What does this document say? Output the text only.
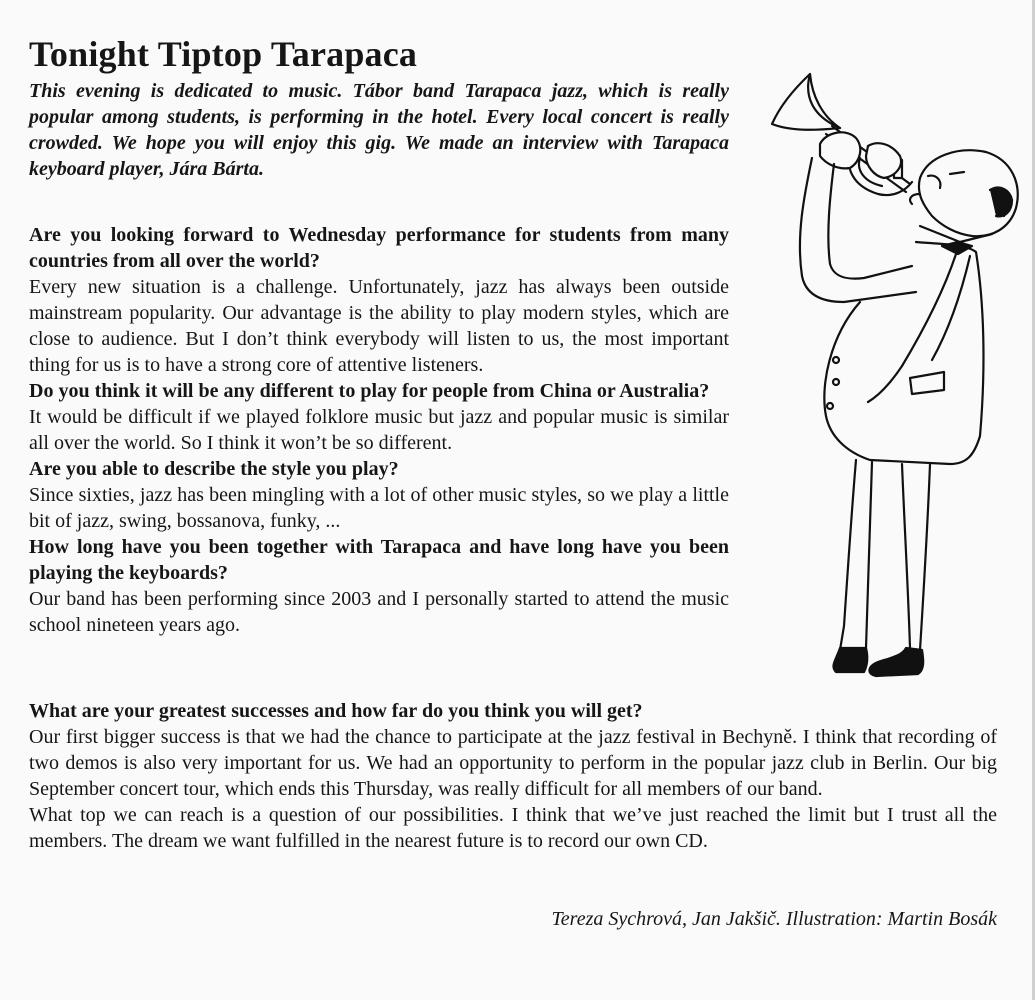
Tonight Tiptop Tarapaca

This evening is dedicated to music. Tábor band Tarapaca jazz, which is really popular among students, is performing in the hotel. Every local concert is really crowded. We hope you will enjoy this gig. We made an interview with Tarapaca keyboard player, Jára Bárta.

Are you looking forward to Wednesday performance for students from many countries from all over the world?

Every new situation is a challenge. Unfortunately, jazz has always been outside mainstream popularity. Our advantage is the ability to play modern styles, which are close to audience. But I don’t think everybody will listen to us, the most important thing for us is to have a strong core of attentive listeners.

Do you think it will be any different to play for people from China or Australia?

It would be difficult if we played folklore music but jazz and popular music is similar all over the world. So I think it won’t be so different.

Are you able to describe the style you play?

Since sixties, jazz has been mingling with a lot of other music styles, so we play a little bit of jazz, swing, bossanova, funky, ...

How long have you been together with Tarapaca and have long have you been playing the keyboards?

Our band has been performing since 2003 and I personally started to attend the music school nineteen years ago.

What are your greatest successes and how far do you think you will get?

Our first bigger success is that we had the chance to participate at the jazz festival in Bechyně. I think that recording of two demos is also very important for us. We had an opportunity to perform in the popular jazz club in Berlin. Our big September concert tour, which ends this Thursday, was really difficult for all members of our band.

What top we can reach is a question of our possibilities. I think that we’ve just reached the limit but I trust all the members. The dream we want fulfilled in the nearest future is to record our own CD.

Tereza Sychrová, Jan Jakšič. Illustration: Martin Bosák
